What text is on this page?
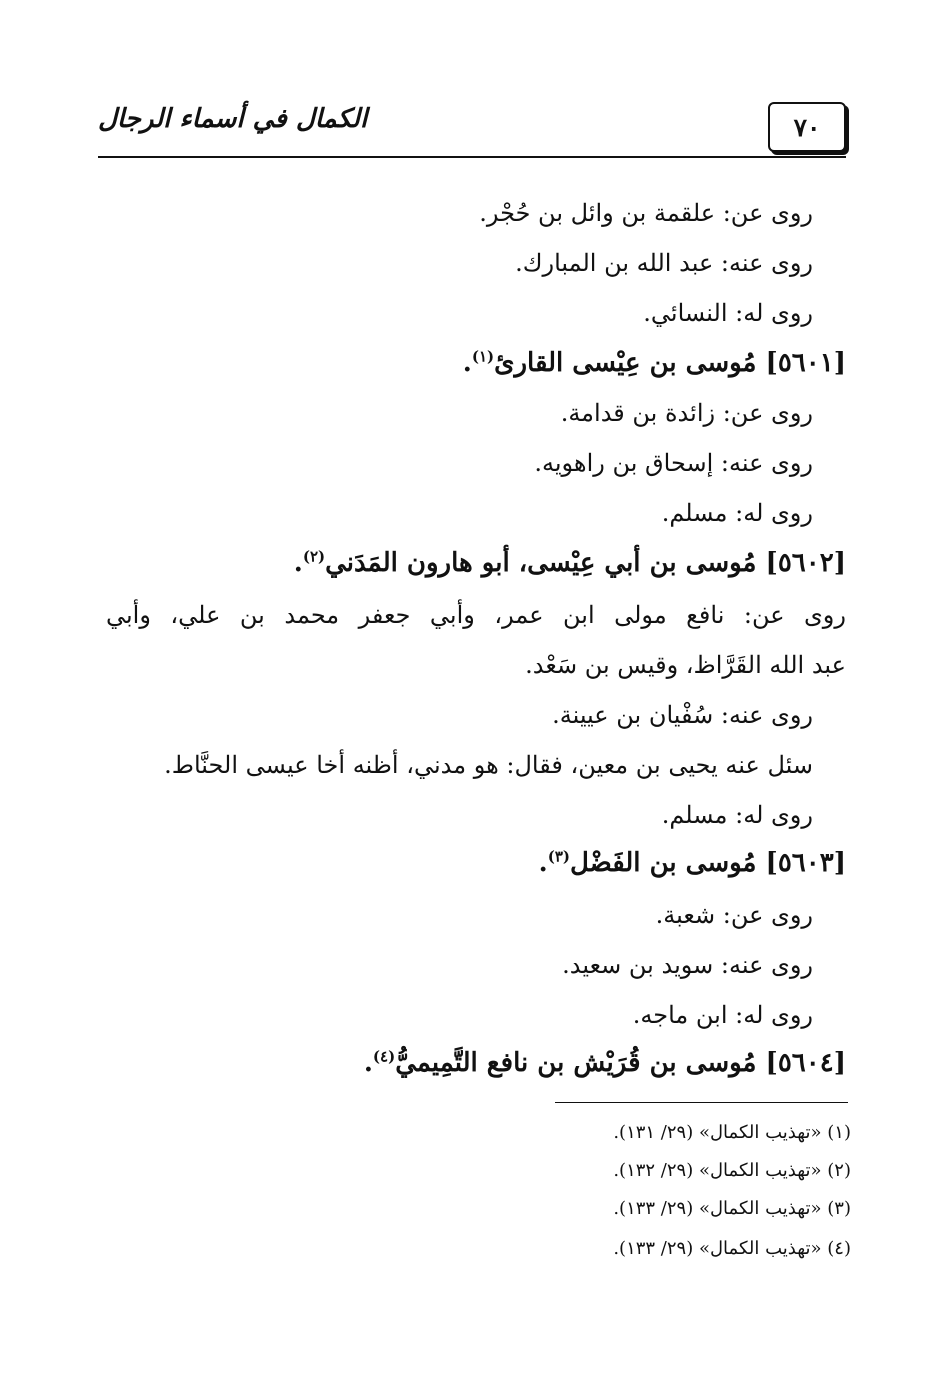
الكمال في أسماء الرجال	٧٠
روى عن: علقمة بن وائل بن حُجْر.
روى عنه: عبد الله بن المبارك.
روى له: النسائي.
[٥٦٠١] مُوسى بن عِيْسى القارئ$^{(١)}$.
روى عن: زائدة بن قدامة.
روى عنه: إسحاق بن راهويه.
روى له: مسلم.
[٥٦٠٢] مُوسى بن أبي عِيْسى، أبو هارون المَدَني$^{(٢)}$.
روى عن: نافع مولى ابن عمر، وأبي جعفر محمد بن علي، وأبي
عبد الله القَرَّاظ، وقيس بن سَعْد.
روى عنه: سُفْيان بن عيينة.
سئل عنه يحيى بن معين، فقال: هو مدني، أظنه أخا عيسى الحنَّاط.
روى له: مسلم.
[٥٦٠٣] مُوسى بن الفَضْل$^{(٣)}$.
روى عن: شعبة.
روى عنه: سويد بن سعيد.
روى له: ابن ماجه.
[٥٦٠٤] مُوسى بن قُرَيْش بن نافع التَّمِيميُّ$^{(٤)}$.
(١) «تهذيب الكمال» (٢٩/ ١٣١).
(٢) «تهذيب الكمال» (٢٩/ ١٣٢).
(٣) «تهذيب الكمال» (٢٩/ ١٣٣).
(٤) «تهذيب الكمال» (٢٩/ ١٣٣).
